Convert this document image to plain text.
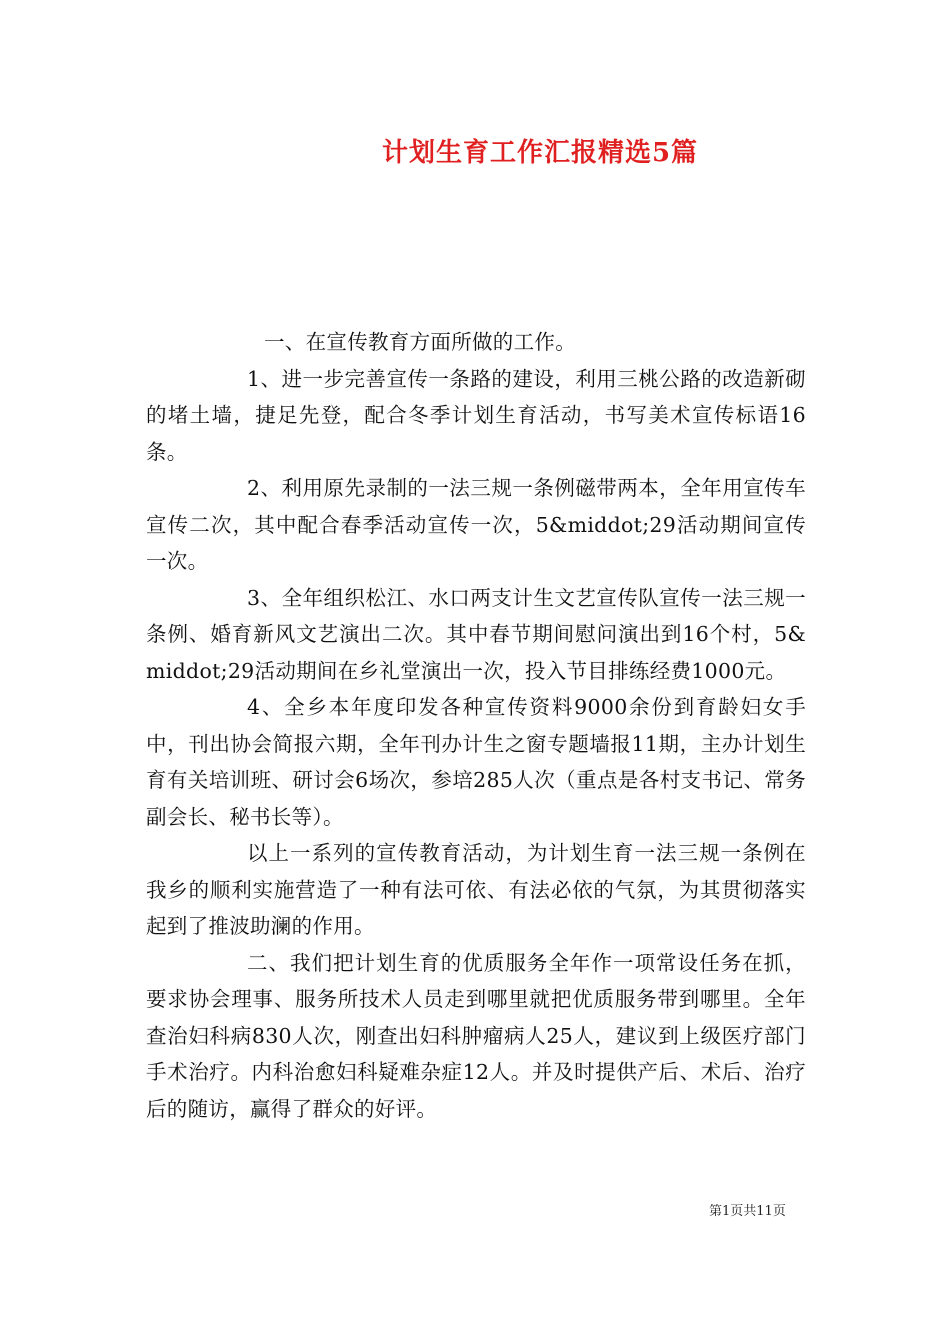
计划生育工作汇报精选5篇

一、在宣传教育方面所做的工作。

1、进一步完善宣传一条路的建设，利用三桃公路的改造新砌的堵土墙，捷足先登，配合冬季计划生育活动，书写美术宣传标语16条。

2、利用原先录制的一法三规一条例磁带两本，全年用宣传车宣传二次，其中配合春季活动宣传一次，5&middot;29活动期间宣传一次。

3、全年组织松江、水口两支计生文艺宣传队宣传一法三规一条例、婚育新风文艺演出二次。其中春节期间慰问演出到16个村，5&middot;29活动期间在乡礼堂演出一次，投入节目排练经费1000元。

4、全乡本年度印发各种宣传资料9000余份到育龄妇女手中，刊出协会简报六期，全年刊办计生之窗专题墙报11期，主办计划生育有关培训班、研讨会6场次，参培285人次（重点是各村支书记、常务副会长、秘书长等）。

以上一系列的宣传教育活动，为计划生育一法三规一条例在我乡的顺利实施营造了一种有法可依、有法必依的气氛，为其贯彻落实起到了推波助澜的作用。

二、我们把计划生育的优质服务全年作一项常设任务在抓，要求协会理事、服务所技术人员走到哪里就把优质服务带到哪里。全年查治妇科病830人次，刚查出妇科肿瘤病人25人，建议到上级医疗部门手术治疗。内科治愈妇科疑难杂症12人。并及时提供产后、术后、治疗后的随访，赢得了群众的好评。

第1页共11页
